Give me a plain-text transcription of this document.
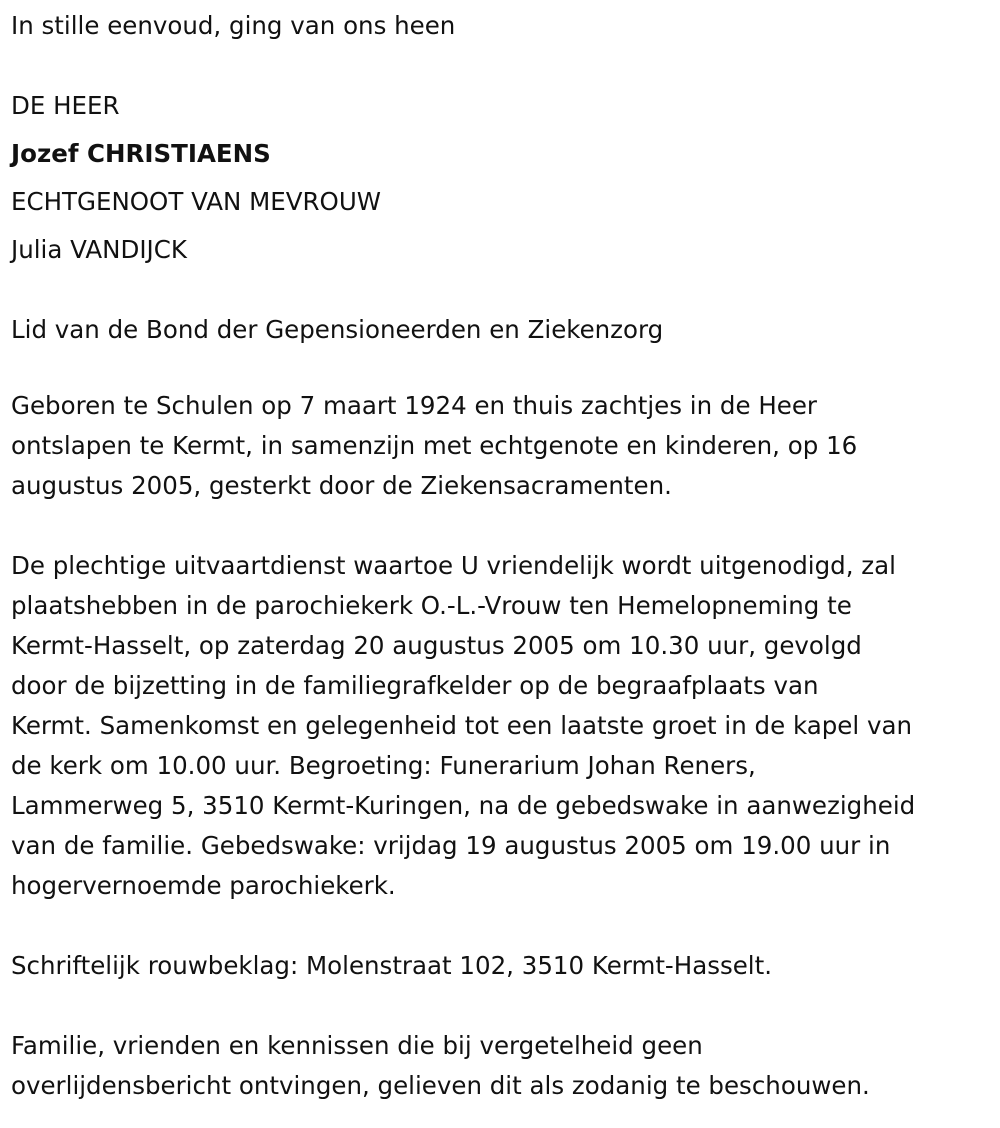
In stille eenvoud, ging van ons heen

DE HEER

Jozef CHRISTIAENS

ECHTGENOOT VAN MEVROUW

Julia VANDIJCK

Lid van de Bond der Gepensioneerden en Ziekenzorg

Geboren te Schulen op 7 maart 1924 en thuis zachtjes in de Heer

ontslapen te Kermt, in samenzijn met echtgenote en kinderen, op 16

augustus 2005, gesterkt door de Ziekensacramenten.

De plechtige uitvaartdienst waartoe U vriendelijk wordt uitgenodigd, zal

plaatshebben in de parochiekerk O.-L.-Vrouw ten Hemelopneming te

Kermt-Hasselt, op zaterdag 20 augustus 2005 om 10.30 uur, gevolgd

door de bijzetting in de familiegrafkelder op de begraafplaats van

Kermt. Samenkomst en gelegenheid tot een laatste groet in de kapel van

de kerk om 10.00 uur. Begroeting: Funerarium Johan Reners,

Lammerweg 5, 3510 Kermt-Kuringen, na de gebedswake in aanwezigheid

van de familie. Gebedswake: vrijdag 19 augustus 2005 om 19.00 uur in

hogervernoemde parochiekerk.

Schriftelijk rouwbeklag: Molenstraat 102, 3510 Kermt-Hasselt.

Familie, vrienden en kennissen die bij vergetelheid geen

overlijdensbericht ontvingen, gelieven dit als zodanig te beschouwen.
